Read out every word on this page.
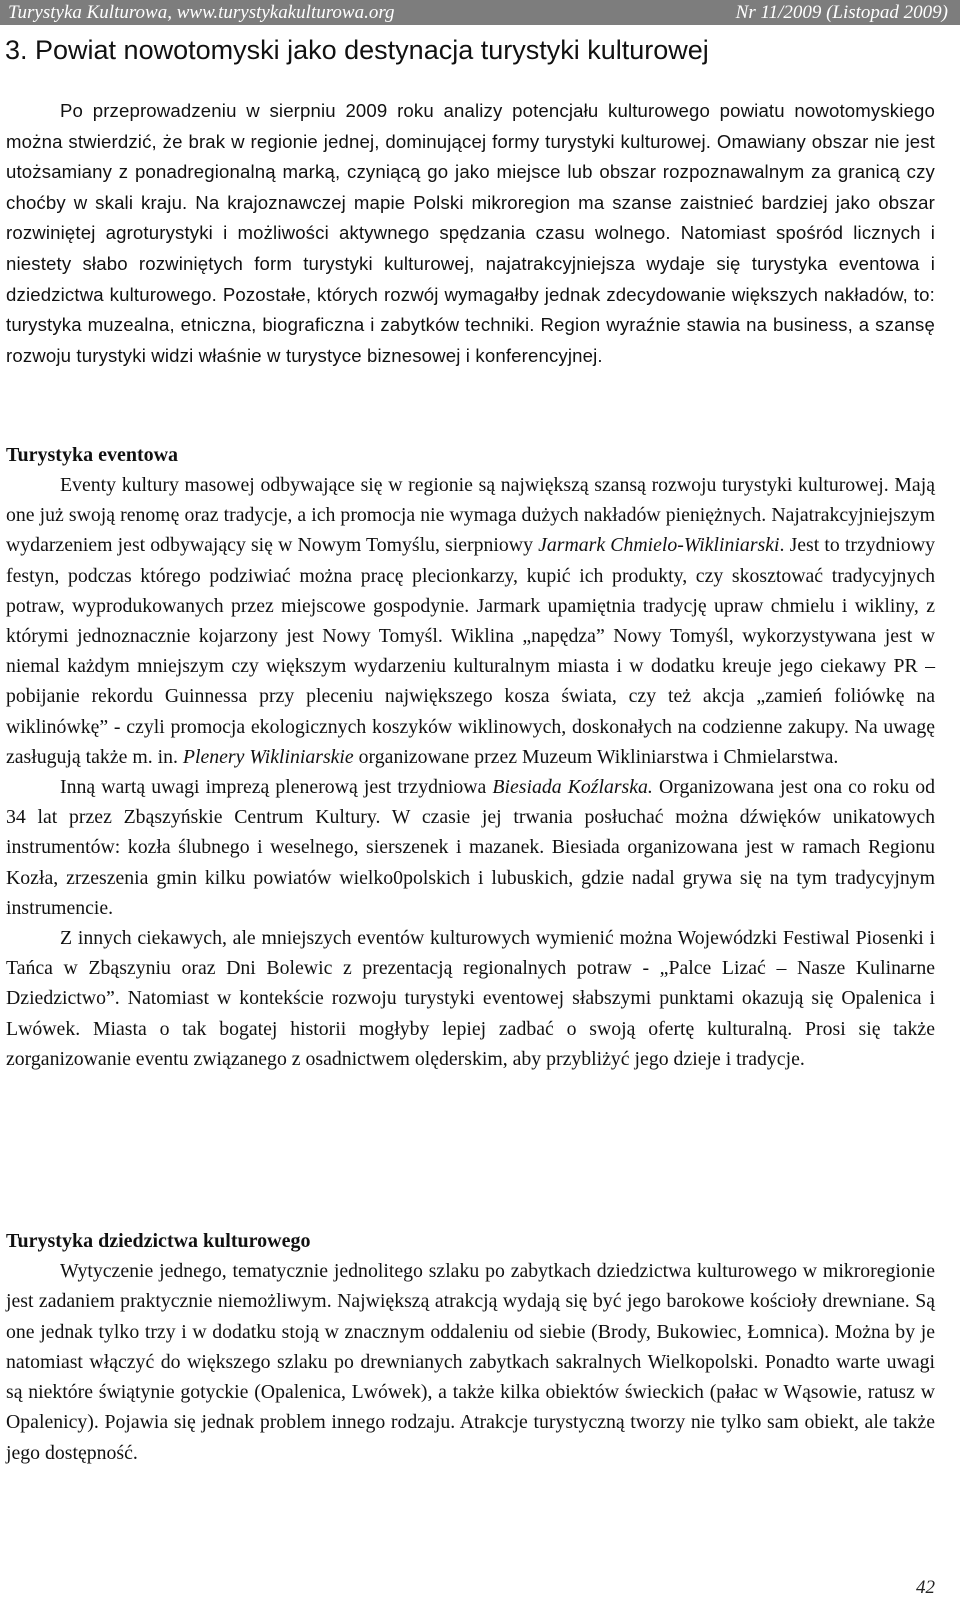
Turystyka Kulturowa, www.turystykakulturowa.org	Nr 11/2009 (Listopad 2009)
3. Powiat nowotomyski jako destynacja turystyki kulturowej

Po przeprowadzeniu w sierpniu 2009 roku analizy potencjału kulturowego powiatu nowotomyskiego można stwierdzić, że brak w regionie jednej, dominującej formy turystyki kulturowej. Omawiany obszar nie jest utożsamiany z ponadregionalną marką, czyniącą go jako miejsce lub obszar rozpoznawalnym za granicą czy choćby w skali kraju. Na krajoznawczej mapie Polski mikroregion ma szanse zaistnieć bardziej jako obszar rozwiniętej agroturystyki i możliwości aktywnego spędzania czasu wolnego. Natomiast spośród licznych i niestety słabo rozwiniętych form turystyki kulturowej, najatrakcyjniejsza wydaje się turystyka eventowa i dziedzictwa kulturowego. Pozostałe, których rozwój wymagałby jednak zdecydowanie większych nakładów, to: turystyka muzealna, etniczna, biograficzna i zabytków techniki. Region wyraźnie stawia na business, a szansę rozwoju turystyki widzi właśnie w turystyce biznesowej i konferencyjnej.

Turystyka eventowa

Eventy kultury masowej odbywające się w regionie są największą szansą rozwoju turystyki kulturowej. Mają one już swoją renomę oraz tradycje, a ich promocja nie wymaga dużych nakładów pieniężnych. Najatrakcyjniejszym wydarzeniem jest odbywający się w Nowym Tomyślu, sierpniowy Jarmark Chmielo-Wikliniarski. Jest to trzydniowy festyn, podczas którego podziwiać można pracę plecionkarzy, kupić ich produkty, czy skosztować tradycyjnych potraw, wyprodukowanych przez miejscowe gospodynie. Jarmark upamiętnia tradycję upraw chmielu i wikliny, z którymi jednoznacznie kojarzony jest Nowy Tomyśl. Wiklina „napędza” Nowy Tomyśl, wykorzystywana jest w niemal każdym mniejszym czy większym wydarzeniu kulturalnym miasta i w dodatku kreuje jego ciekawy PR – pobijanie rekordu Guinnessa przy pleceniu największego kosza świata, czy też akcja „zamień foliówkę na wiklinówkę” - czyli promocja ekologicznych koszyków wiklinowych, doskonałych na codzienne zakupy. Na uwagę zasługują także m. in. Plenery Wikliniarskie organizowane przez Muzeum Wikliniarstwa i Chmielarstwa.

Inną wartą uwagi imprezą plenerową jest trzydniowa Biesiada Koźlarska. Organizowana jest ona co roku od 34 lat przez Zbąszyńskie Centrum Kultury. W czasie jej trwania posłuchać można dźwięków unikatowych instrumentów: kozła ślubnego i weselnego, sierszenek i mazanek. Biesiada organizowana jest w ramach Regionu Kozła, zrzeszenia gmin kilku powiatów wielko0polskich i lubuskich, gdzie nadal grywa się na tym tradycyjnym instrumencie.

Z innych ciekawych, ale mniejszych eventów kulturowych wymienić można Wojewódzki Festiwal Piosenki i Tańca w Zbąszyniu oraz Dni Bolewic z prezentacją regionalnych potraw - „Palce Lizać – Nasze Kulinarne Dziedzictwo”. Natomiast w kontekście rozwoju turystyki eventowej słabszymi punktami okazują się Opalenica i Lwówek. Miasta o tak bogatej historii mogłyby lepiej zadbać o swoją ofertę kulturalną. Prosi się także zorganizowanie eventu związanego z osadnictwem olęderskim, aby przybliżyć jego dzieje i tradycje.

Turystyka dziedzictwa kulturowego

Wytyczenie jednego, tematycznie jednolitego szlaku po zabytkach dziedzictwa kulturowego w mikroregionie jest zadaniem praktycznie niemożliwym. Największą atrakcją wydają się być jego barokowe kościoły drewniane. Są one jednak tylko trzy i w dodatku stoją w znacznym oddaleniu od siebie (Brody, Bukowiec, Łomnica). Można by je natomiast włączyć do większego szlaku po drewnianych zabytkach sakralnych Wielkopolski. Ponadto warte uwagi są niektóre świątynie gotyckie (Opalenica, Lwówek), a także kilka obiektów świeckich (pałac w Wąsowie, ratusz w Opalenicy). Pojawia się jednak problem innego rodzaju. Atrakcje turystyczną tworzy nie tylko sam obiekt, ale także jego dostępność.

42
